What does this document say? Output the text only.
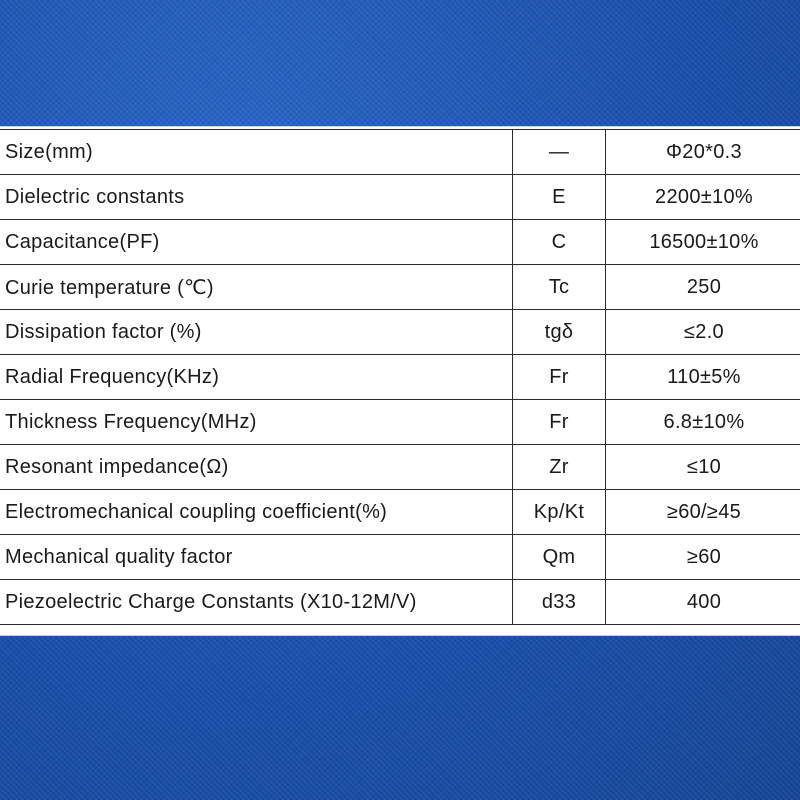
Size(mm)	—	Φ20*0.3
Dielectric constants	E	2200±10%
Capacitance(PF)	C	16500±10%
Curie temperature (℃)	Tc	250
Dissipation factor (%)	tgδ	≤2.0
Radial Frequency(KHz)	Fr	110±5%
Thickness Frequency(MHz)	Fr	6.8±10%
Resonant impedance(Ω)	Zr	≤10
Electromechanical coupling coefficient(%)	Kp/Kt	≥60/≥45
Mechanical quality factor	Qm	≥60
Piezoelectric Charge Constants (X10-12M/V)	d33	400
